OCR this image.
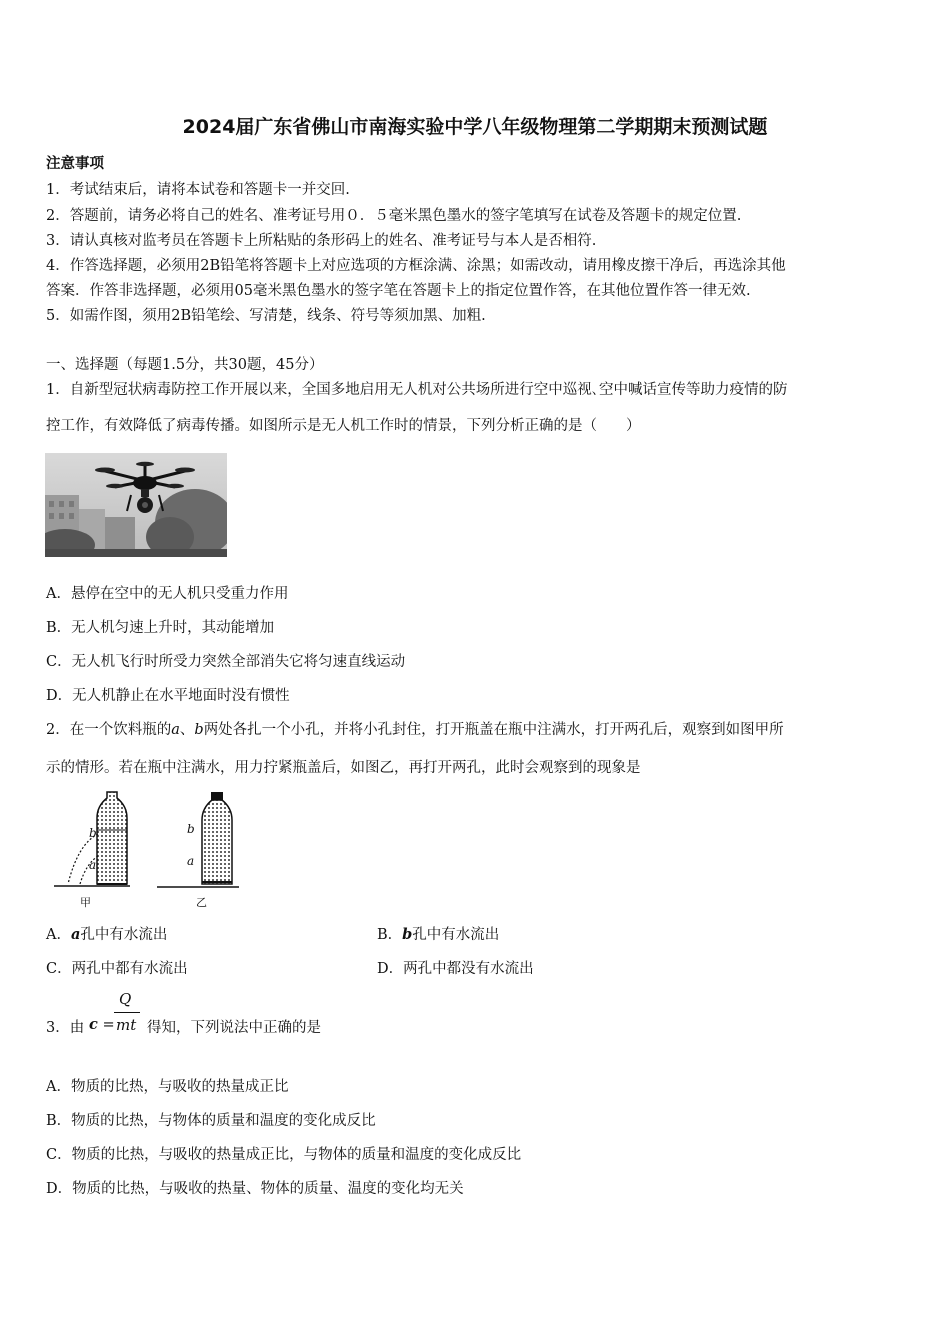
2024届广东省佛山市南海实验中学八年级物理第二学期期末预测试题
注意事项
1．考试结束后，请将本试卷和答题卡一并交回.
2．答题前，请务必将自己的姓名、准考证号用０．５毫米黑色墨水的签字笔填写在试卷及答题卡的规定位置.
3．请认真核对监考员在答题卡上所粘贴的条形码上的姓名、准考证号与本人是否相符.
4．作答选择题，必须用2B铅笔将答题卡上对应选项的方框涂满、涂黑；如需改动，请用橡皮擦干净后，再选涂其他
答案．作答非选择题，必须用05毫米黑色墨水的签字笔在答题卡上的指定位置作答，在其他位置作答一律无效.
5．如需作图，须用2B铅笔绘、写清楚，线条、符号等须加黑、加粗.
一、选择题（每题1.5分，共30题，45分）
1．自新型冠状病毒防控工作开展以来，全国多地启用无人机对公共场所进行空中巡视､空中喊话宣传等助力疫情的防
控工作，有效降低了病毒传播。如图所示是无人机工作时的情景，下列分析正确的是（　　）
A．悬停在空中的无人机只受重力作用
B．无人机匀速上升时，其动能增加
C．无人机飞行时所受力突然全部消失它将匀速直线运动
D．无人机静止在水平地面时没有惯性
2．在一个饮料瓶的a、b两处各扎一个小孔，并将小孔封住，打开瓶盖在瓶中注满水，打开两孔后，观察到如图甲所
示的情形。若在瓶中注满水，用力拧紧瓶盖后，如图乙，再打开两孔，此时会观察到的现象是
b
a
甲
b
a
乙
A．a孔中有水流出	B．b孔中有水流出
C．两孔中都有水流出	D．两孔中都没有水流出
3．由 c =
Q
mt 得知，下列说法中正确的是
A．物质的比热，与吸收的热量成正比
B．物质的比热，与物体的质量和温度的变化成反比
C．物质的比热，与吸收的热量成正比，与物体的质量和温度的变化成反比
D．物质的比热，与吸收的热量、物体的质量、温度的变化均无关
